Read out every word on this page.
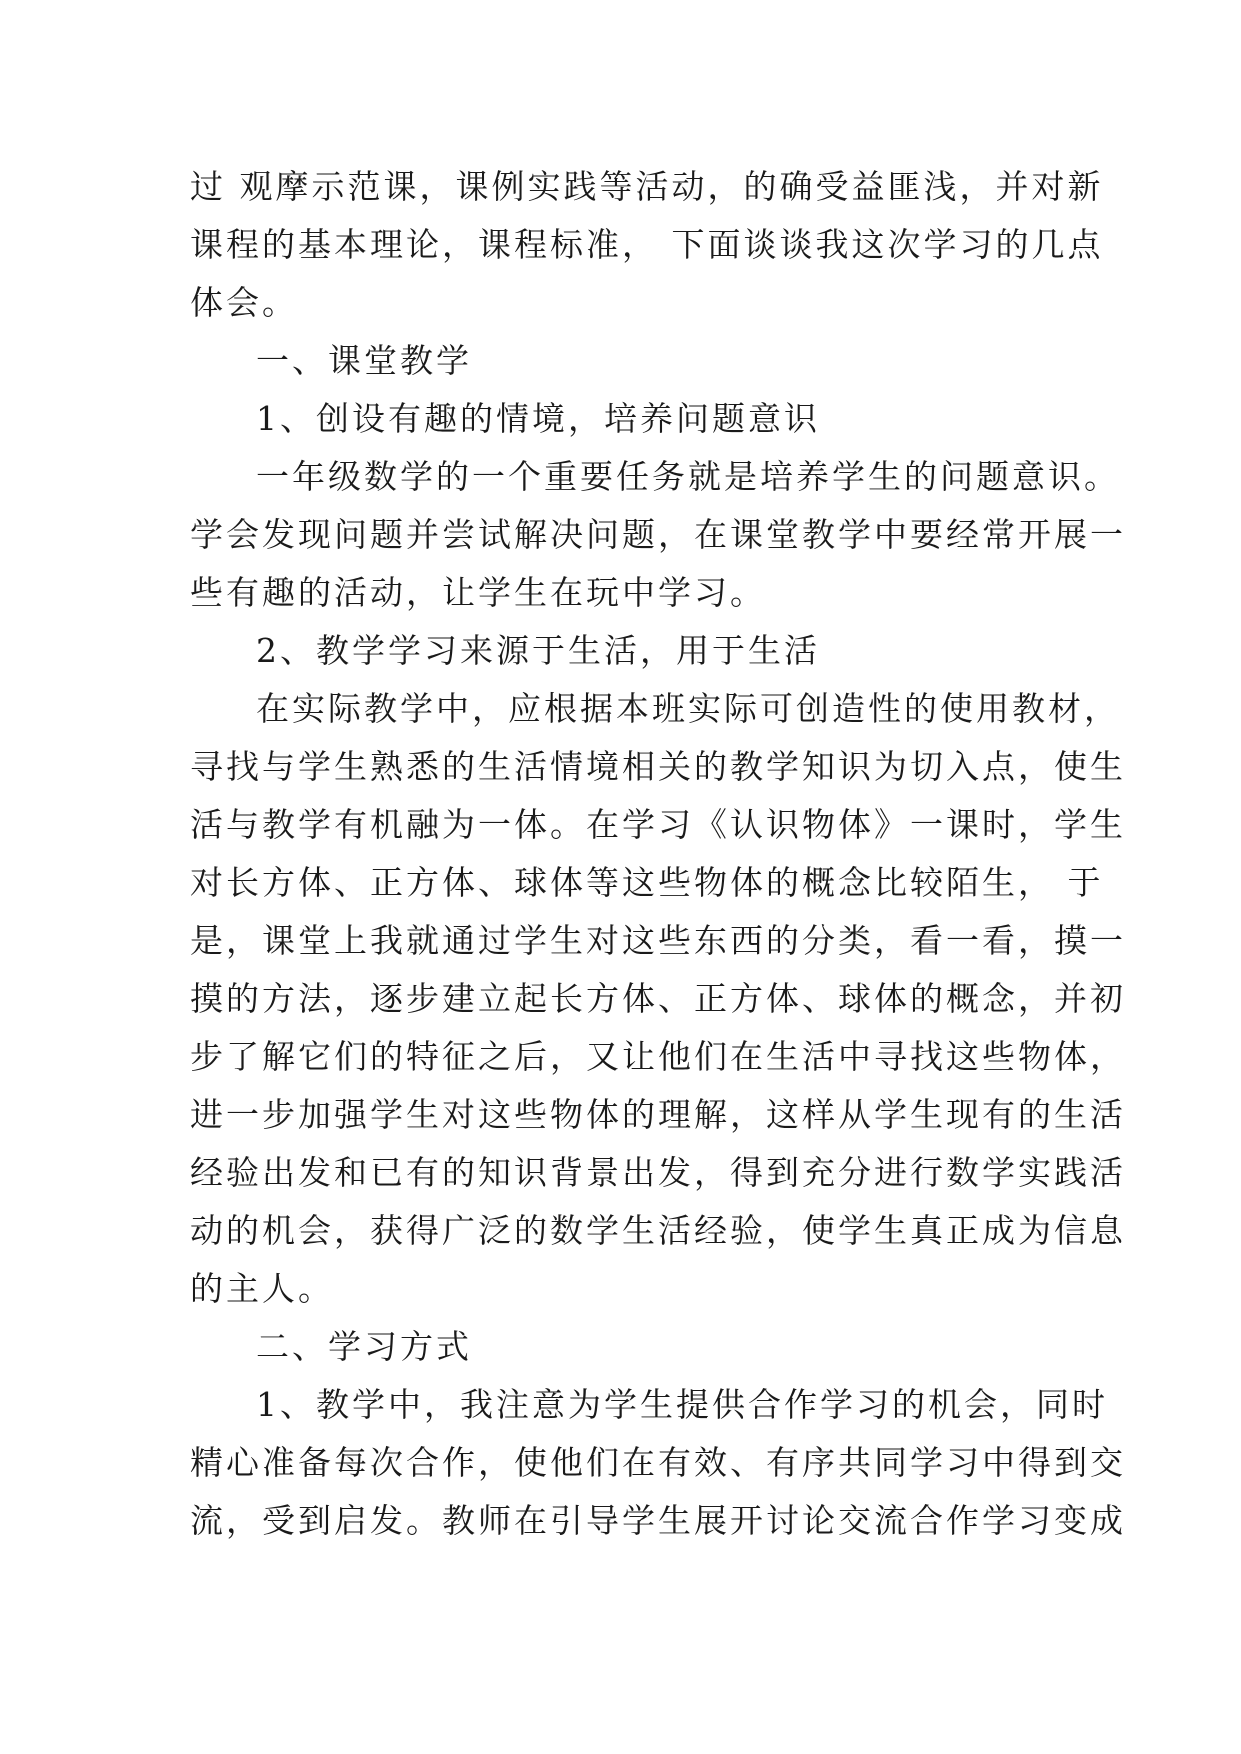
过 观摩示范课，课例实践等活动，的确受益匪浅，并对新
课程的基本理论，课程标准， 下面谈谈我这次学习的几点
体会。
一、课堂教学
1、创设有趣的情境，培养问题意识
一年级数学的一个重要任务就是培养学生的问题意识。
学会发现问题并尝试解决问题，在课堂教学中要经常开展一
些有趣的活动，让学生在玩中学习。
2、教学学习来源于生活，用于生活
在实际教学中，应根据本班实际可创造性的使用教材，
寻找与学生熟悉的生活情境相关的教学知识为切入点，使生
活与教学有机融为一体。在学习《认识物体》一课时，学生
对长方体、正方体、球体等这些物体的概念比较陌生， 于
是，课堂上我就通过学生对这些东西的分类，看一看，摸一
摸的方法，逐步建立起长方体、正方体、球体的概念，并初
步了解它们的特征之后，又让他们在生活中寻找这些物体，
进一步加强学生对这些物体的理解，这样从学生现有的生活
经验出发和已有的知识背景出发，得到充分进行数学实践活
动的机会，获得广泛的数学生活经验，使学生真正成为信息
的主人。
二、学习方式
1、教学中，我注意为学生提供合作学习的机会，同时
精心准备每次合作，使他们在有效、有序共同学习中得到交
流，受到启发。教师在引导学生展开讨论交流合作学习变成
